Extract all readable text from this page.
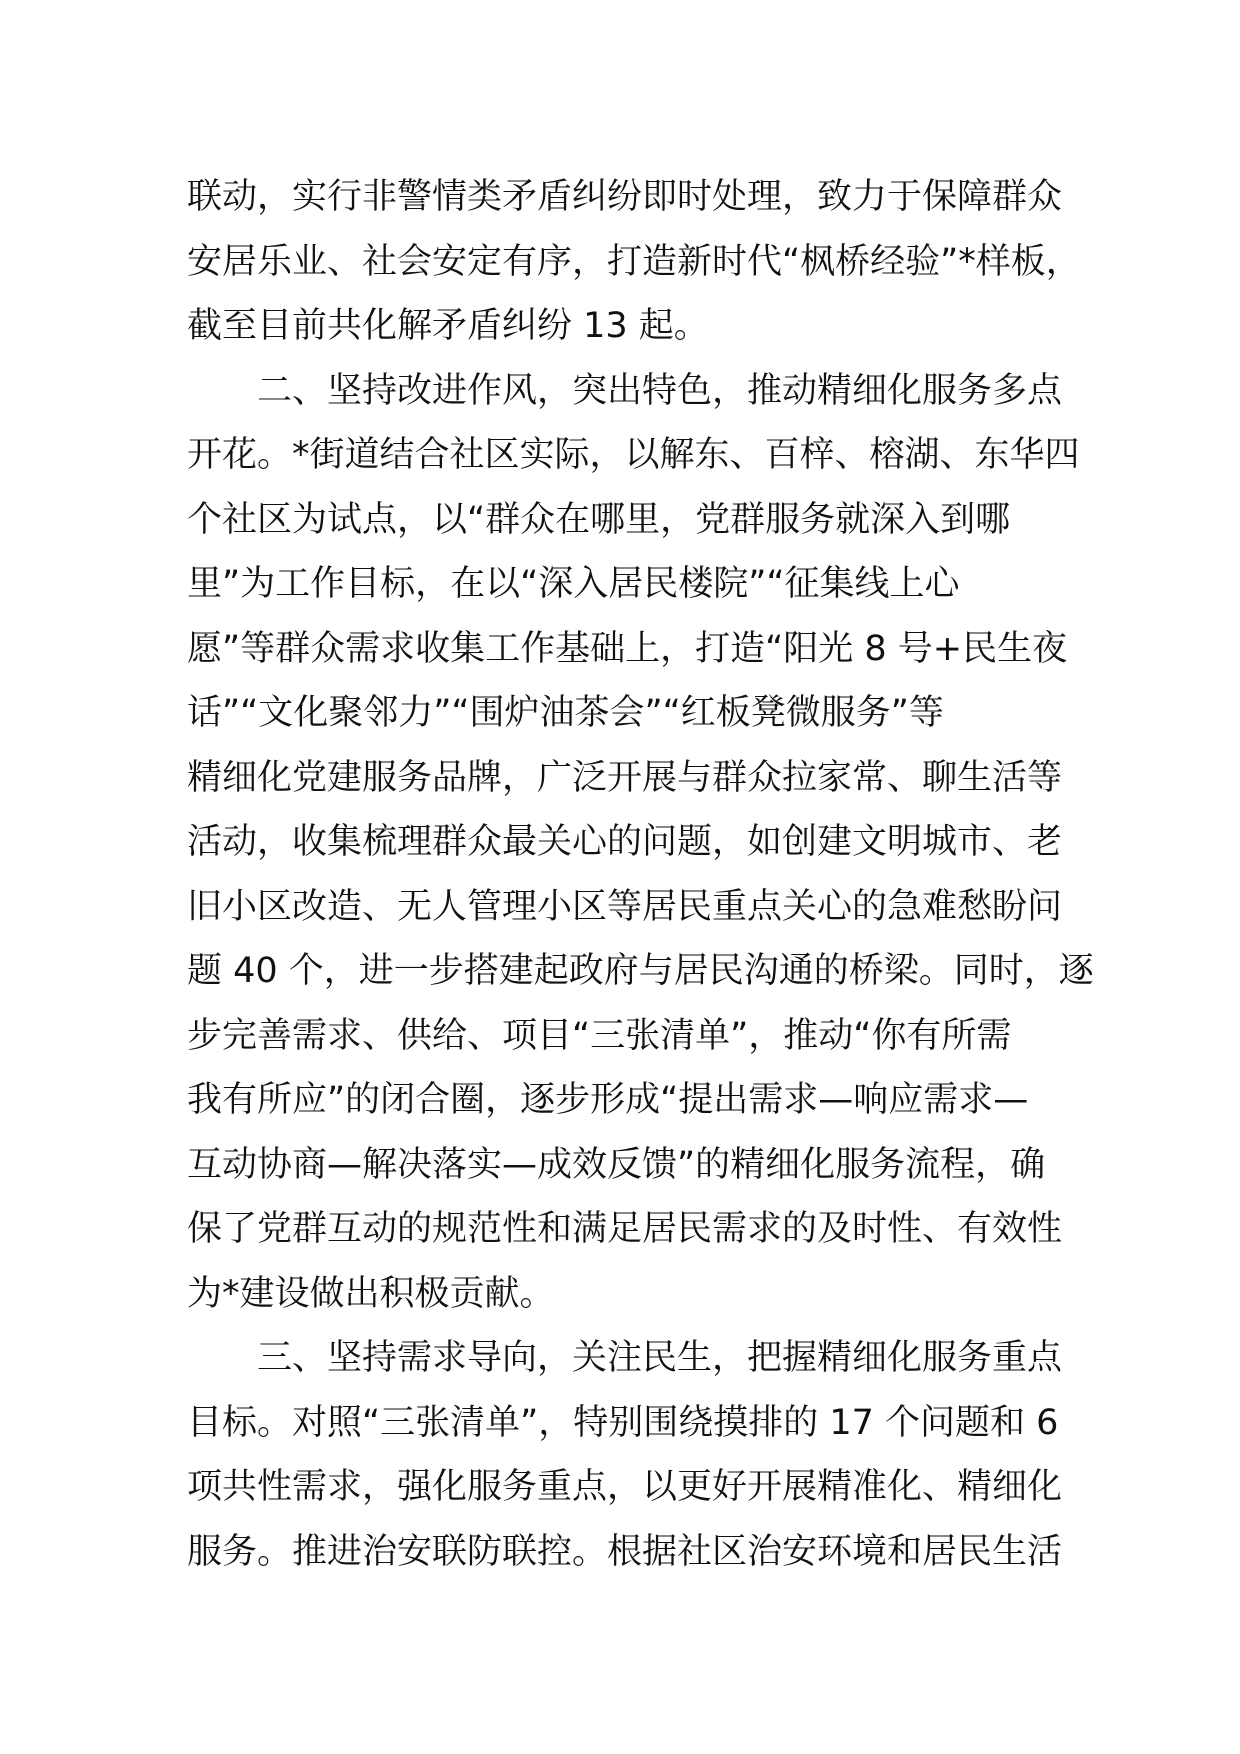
联动，实行非警情类矛盾纠纷即时处理，致力于保障群众
安居乐业、社会安定有序，打造新时代“枫桥经验”*样板，
截至目前共化解矛盾纠纷 13 起。
二、坚持改进作风，突出特色，推动精细化服务多点
开花。*街道结合社区实际，以解东、百梓、榕湖、东华四
个社区为试点，以“群众在哪里，党群服务就深入到哪
里”为工作目标，在以“深入居民楼院”“征集线上心
愿”等群众需求收集工作基础上，打造“阳光 8 号+民生夜
话”“文化聚邻力”“围炉油茶会”“红板凳微服务”等
精细化党建服务品牌，广泛开展与群众拉家常、聊生活等
活动，收集梳理群众最关心的问题，如创建文明城市、老
旧小区改造、无人管理小区等居民重点关心的急难愁盼问
题 40 个，进一步搭建起政府与居民沟通的桥梁。同时，逐
步完善需求、供给、项目“三张清单”，推动“你有所需
我有所应”的闭合圈，逐步形成“提出需求—响应需求—
互动协商—解决落实—成效反馈”的精细化服务流程，确
保了党群互动的规范性和满足居民需求的及时性、有效性
为*建设做出积极贡献。
三、坚持需求导向，关注民生，把握精细化服务重点
目标。对照“三张清单”，特别围绕摸排的 17 个问题和 6
项共性需求，强化服务重点，以更好开展精准化、精细化
服务。推进治安联防联控。根据社区治安环境和居民生活
